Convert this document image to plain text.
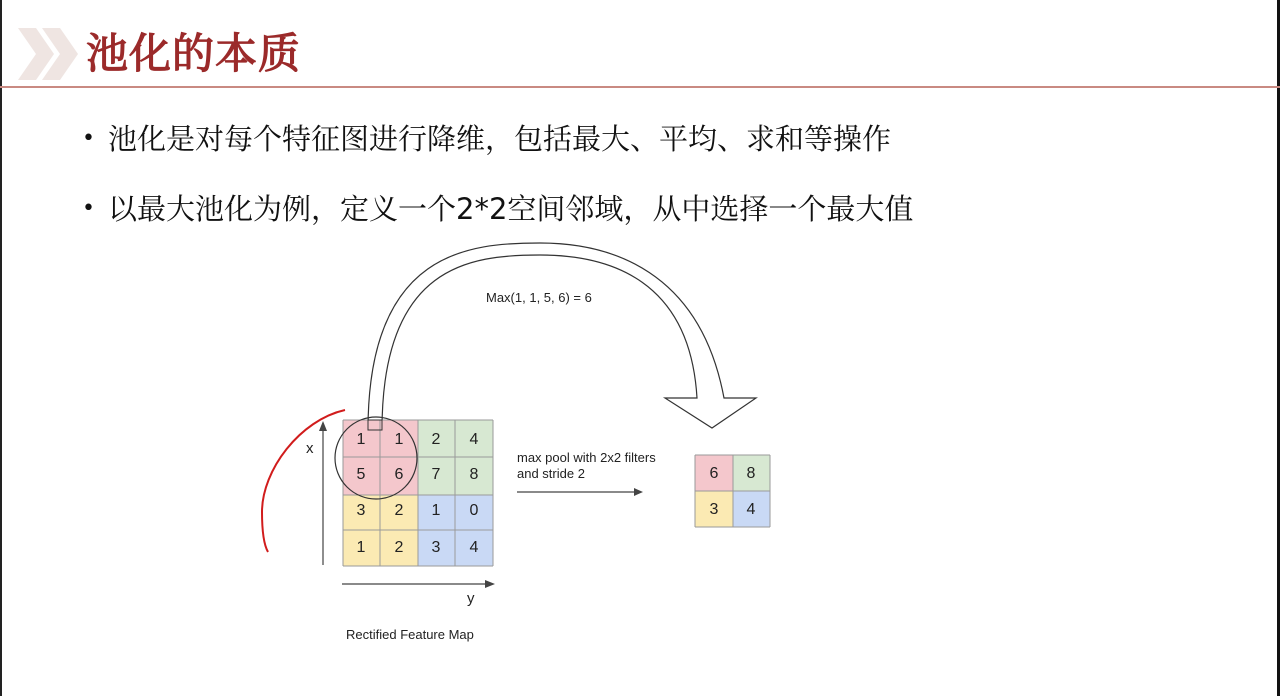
池化的本质
• 池化是对每个特征图进行降维，包括最大、平均、求和等操作
• 以最大池化为例，定义一个2*2空间邻域，从中选择一个最大值
Max(1, 1, 5, 6) = 6
1 1 2 4
5 6 7 8
3 2 1 0
1 2 3 4
x
y
Rectified Feature Map
max pool with 2x2 filters
and stride 2	6 8
3 4
